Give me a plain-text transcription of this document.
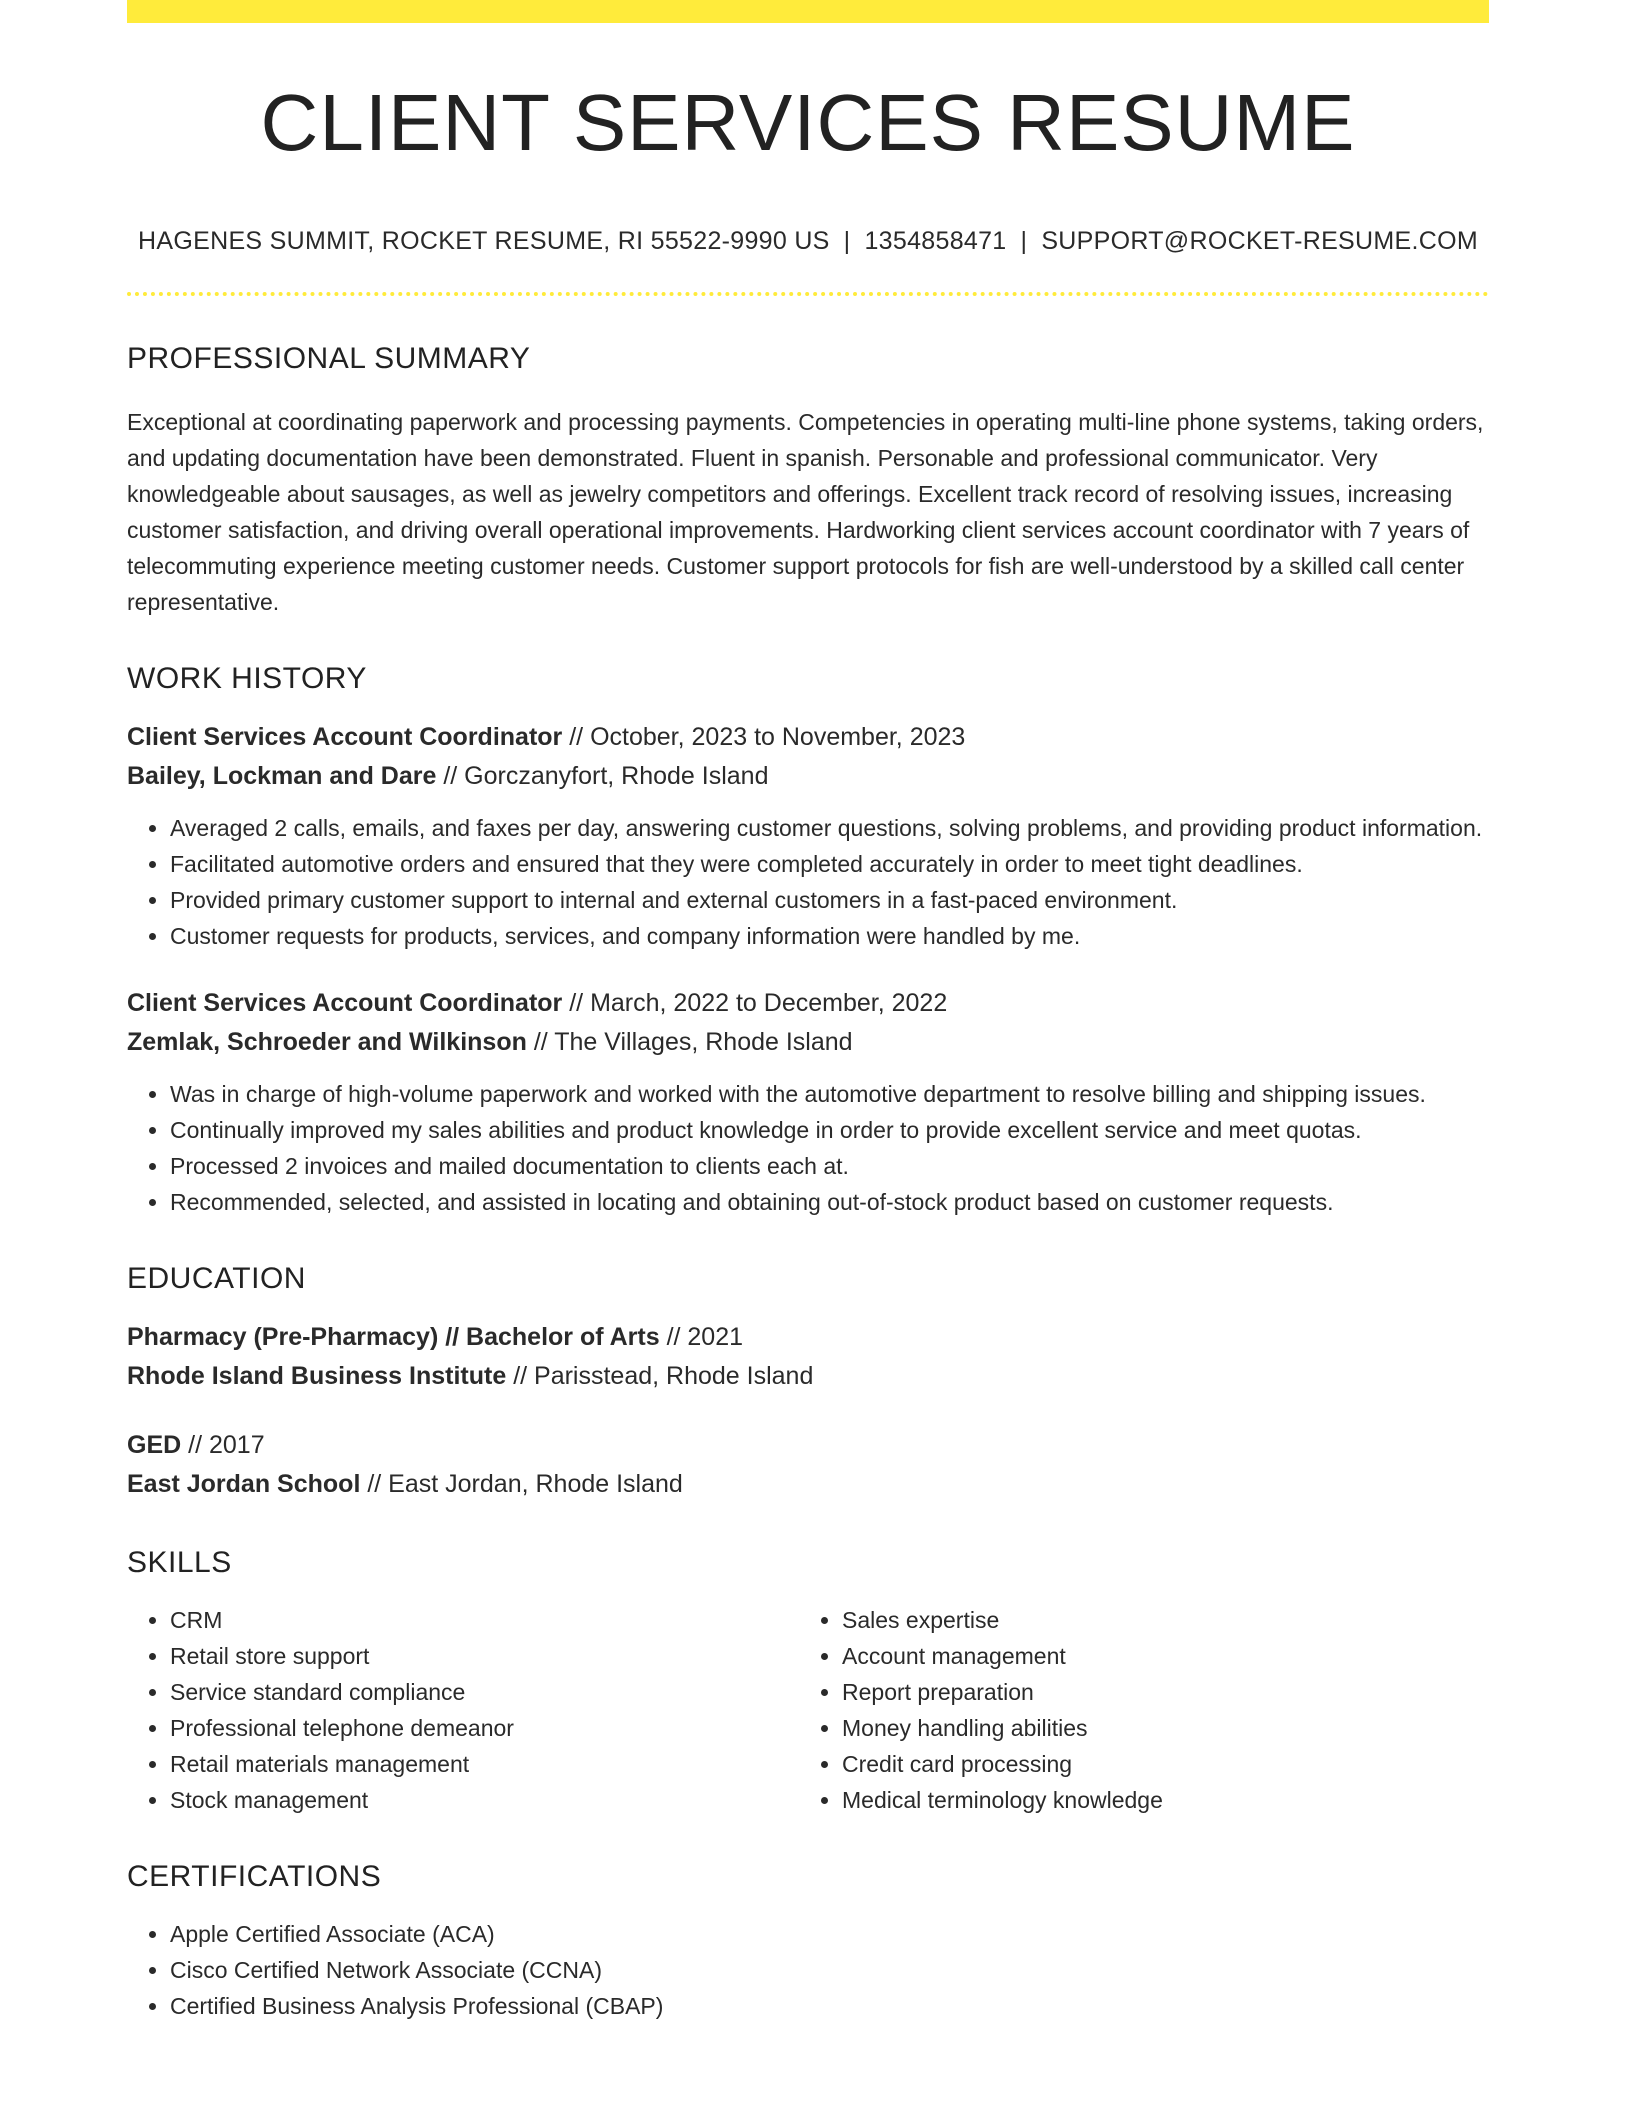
CLIENT SERVICES RESUME
HAGENES SUMMIT, ROCKET RESUME, RI 55522-9990 US | 1354858471 | SUPPORT@ROCKET-RESUME.COM
PROFESSIONAL SUMMARY

Exceptional at coordinating paperwork and processing payments. Competencies in operating multi-line phone systems, taking orders, and updating documentation have been demonstrated. Fluent in spanish. Personable and professional communicator. Very knowledgeable about sausages, as well as jewelry competitors and offerings. Excellent track record of resolving issues, increasing customer satisfaction, and driving overall operational improvements. Hardworking client services account coordinator with 7 years of telecommuting experience meeting customer needs. Customer support protocols for fish are well-understood by a skilled call center representative.

WORK HISTORY
Client Services Account Coordinator // October, 2023 to November, 2023
Bailey, Lockman and Dare // Gorczanyfort, Rhode Island
• Averaged 2 calls, emails, and faxes per day, answering customer questions, solving problems, and providing product information.
• Facilitated automotive orders and ensured that they were completed accurately in order to meet tight deadlines.
• Provided primary customer support to internal and external customers in a fast-paced environment.
• Customer requests for products, services, and company information were handled by me.
Client Services Account Coordinator // March, 2022 to December, 2022
Zemlak, Schroeder and Wilkinson // The Villages, Rhode Island
• Was in charge of high-volume paperwork and worked with the automotive department to resolve billing and shipping issues.
• Continually improved my sales abilities and product knowledge in order to provide excellent service and meet quotas.
• Processed 2 invoices and mailed documentation to clients each at.
• Recommended, selected, and assisted in locating and obtaining out-of-stock product based on customer requests.
EDUCATION
Pharmacy (Pre-Pharmacy) // Bachelor of Arts // 2021
Rhode Island Business Institute // Parisstead, Rhode Island
GED // 2017
East Jordan School // East Jordan, Rhode Island
SKILLS
• CRM
• Retail store support
• Service standard compliance
• Professional telephone demeanor
• Retail materials management
• Stock management
• Sales expertise
• Account management
• Report preparation
• Money handling abilities
• Credit card processing
• Medical terminology knowledge
CERTIFICATIONS
• Apple Certified Associate (ACA)
• Cisco Certified Network Associate (CCNA)
• Certified Business Analysis Professional (CBAP)
